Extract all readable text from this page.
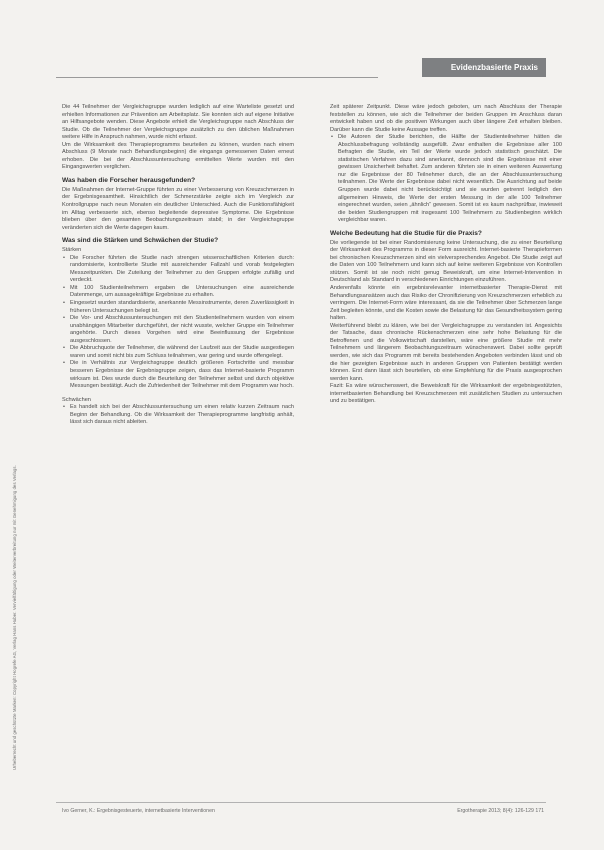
Urheberrecht und geschützte Marken: Copyright Hogrefe AG, Verlag Hans Huber. Vervielfältigung oder Weiterverbreitung nur mit Genehmigung des Verlags.
Evidenzbasierte Praxis

Die 44 Teilnehmer der Vergleichsgruppe wurden lediglich auf eine Warteliste gesetzt und erhielten Informationen zur Prävention am Arbeitsplatz. Sie konnten sich auf eigene Initiative an Hilfsangebote wenden. Diese Angebote erhielt die Vergleichsgruppe nach Abschluss der Studie. Ob die Teilnehmer der Vergleichsgruppe zusätzlich zu den üblichen Maßnahmen weitere Hilfe in Anspruch nahmen, wurde nicht erfasst.

Um die Wirksamkeit des Therapieprogramms beurteilen zu können, wurden nach einem Abschluss (9 Monate nach Behandlungsbeginn) die eingangs gemessenen Daten erneut erhoben. Die bei der Abschlussuntersuchung ermittelten Werte wurden mit den Eingangswerten verglichen.

Was haben die Forscher herausgefunden?

Die Maßnahmen der Internet-Gruppe führten zu einer Verbesserung von Kreuzschmerzen in der Ergebnisgesamtheit. Hinsichtlich der Schmerzstärke zeigte sich im Vergleich zur Kontrollgruppe nach neun Monaten ein deutlicher Unterschied. Auch die Funktionsfähigkeit im Alltag verbesserte sich, ebenso begleitende depressive Symptome. Die Ergebnisse blieben über den gesamten Beobachtungszeitraum stabil; in der Vergleichsgruppe veränderten sich die Werte dagegen kaum.

Was sind die Stärken und Schwächen der Studie?

Stärken

• Die Forscher führten die Studie nach strengen wissenschaftlichen Kriterien durch: randomisierte, kontrollierte Studie mit ausreichender Fallzahl und vorab festgelegten Messzeitpunkten. Die Zuteilung der Teilnehmer zu den Gruppen erfolgte zufällig und verdeckt.
• Mit 100 Studienteilnehmern ergaben die Untersuchungen eine ausreichende Datenmenge, um aussagekräftige Ergebnisse zu erhalten.
• Eingesetzt wurden standardisierte, anerkannte Messinstrumente, deren Zuverlässigkeit in früheren Untersuchungen belegt ist.
• Die Vor- und Abschlussuntersuchungen mit den Studienteilnehmern wurden von einem unabhängigen Mitarbeiter durchgeführt, der nicht wusste, welcher Gruppe ein Teilnehmer angehörte. Durch dieses Vorgehen wird eine Beeinflussung der Ergebnisse ausgeschlossen.
• Die Abbruchquote der Teilnehmer, die während der Laufzeit aus der Studie ausgestiegen waren und somit nicht bis zum Schluss teilnahmen, war gering und wurde offengelegt.
• Die in Verhältnis zur Vergleichsgruppe deutlich größeren Fortschritte und messbar besseren Ergebnisse der Ergebnisgruppe zeigen, dass das Internet-basierte Programm wirksam ist. Dies wurde durch die Beurteilung der Teilnehmer selbst und durch objektive Messungen bestätigt. Auch die Zufriedenheit der Teilnehmer mit dem Programm war hoch.

Schwächen

• Es handelt sich bei der Abschlussuntersuchung um einen relativ kurzen Zeitraum nach Beginn der Behandlung. Ob die Wirksamkeit der Therapieprogramme langfristig anhält, lässt sich daraus nicht ableiten.

Zeit späterer Zeitpunkt. Diese wäre jedoch geboten, um nach Abschluss der Therapie feststellen zu können, wie sich die Teilnehmer der beiden Gruppen im Anschluss daran entwickelt haben und ob die positiven Wirkungen auch über längere Zeit erhalten bleiben. Darüber kann die Studie keine Aussage treffen.

• Die Autoren der Studie berichten, die Hälfte der Studienteilnehmer hätten die Abschlussbefragung vollständig ausgefüllt. Zwar enthalten die Ergebnisse aller 100 Befragten die Studie, ein Teil der Werte wurde jedoch statistisch geschätzt. Die statistischen Verfahren dazu sind anerkannt, dennoch sind die Ergebnisse mit einer gewissen Unsicherheit behaftet. Zum anderen führten sie in einen weiteren Auswertung nur die Ergebnisse der 80 Teilnehmer durch, die an der Abschlussuntersuchung teilnahmen. Die Werte der Ergebnisse dabei nicht wesentlich. Die Ausrichtung auf beide Gruppen wurde dabei nicht berücksichtigt und sie wurden getrennt lediglich den allgemeinen Hinweis, die Werte der ersten Messung in der alle 100 Teilnehmer eingerechnet wurden, seien „ähnlich“ gewesen. Somit ist es kaum nachprüfbar, inwieweit die beiden Studiengruppen mit insgesamt 100 Teilnehmern zu Studienbeginn wirklich vergleichbar waren.
Welche Bedeutung hat die Studie für die Praxis?

Die vorliegende ist bei einer Randomisierung keine Untersuchung, die zu einer Beurteilung der Wirksamkeit des Programms in dieser Form ausreicht. Internet-basierte Therapieformen bei chronischen Kreuzschmerzen sind ein vielversprechendes Angebot. Die Studie zeigt auf die Daten von 100 Teilnehmern und kann sich auf keine weiteren Ergebnisse von Kontrollen stützen. Somit ist sie noch nicht genug Beweiskraft, um eine Internet-Intervention in Deutschland als Standard in verschiedenen Einrichtungen einzuführen.

Anderenfalls könnte ein ergebnisrelevanter internetbasierter Therapie-Dienst mit Behandlungsansätzen auch das Risiko der Chronifizierung von Kreuzschmerzen erheblich zu verringern. Die Internet-Form wäre interessant, da sie die Teilnehmer über Schmerzen lange Zeit begleiten könnte, und die Kosten sowie die Belastung für das Gesundheitssystem gering halten.

Weiterführend bleibt zu klären, wie bei der Vergleichsgruppe zu verstanden ist. Angesichts der Tatsache, dass chronische Rückenschmerzen eine sehr hohe Belastung für die Betroffenen und die Volkswirtschaft darstellen, wäre eine größere Studie mit mehr Teilnehmern und längerem Beobachtungszeitraum wünschenswert. Dabei sollte geprüft werden, wie sich das Programm mit bereits bestehenden Angeboten verbinden lässt und ob die hier gezeigten Ergebnisse auch in anderen Gruppen von Patienten bestätigt werden können. Erst dann lässt sich beurteilen, ob eine Empfehlung für die Praxis ausgesprochen werden kann.

Fazit: Es wäre wünschenswert, die Beweiskraft für die Wirksamkeit der ergebnisgestützten, internetbasierten Behandlung bei Kreuzschmerzen mit zusätzlichen Studien zu untersuchen und zu bestätigen.

Ivo Gerner, K.: Ergebnisgesteuerte, internetbasierte Interventionen	Ergotherapie 2013; 8(4): 126-129 171
